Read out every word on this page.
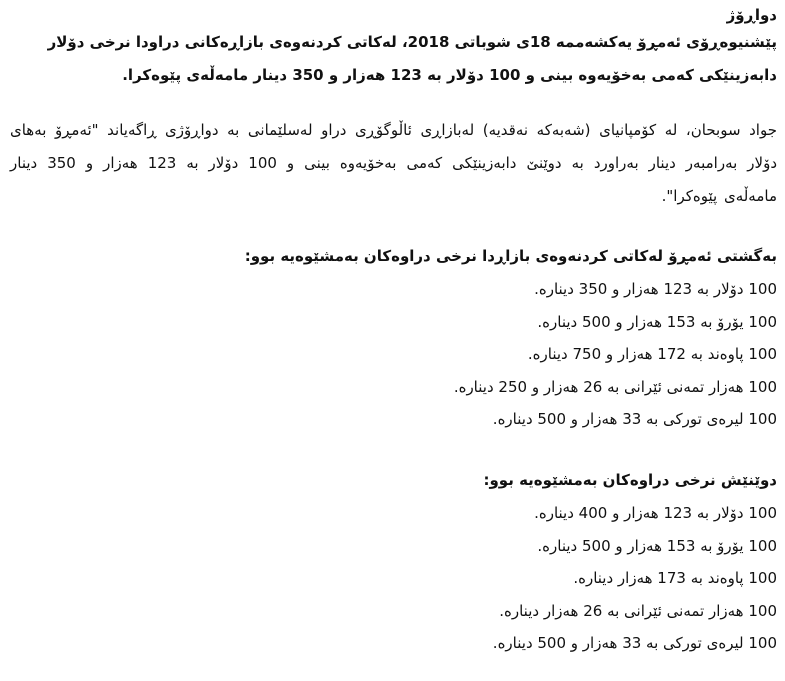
دواڕۆژ

پێشنیوەڕۆی ئەمڕۆ یەکشەممە 18ی شوباتی 2018، لەکاتی کردنەوەی بازاڕەکانی دراودا نرخی دۆلار دابەزینێکی کەمی بەخۆیەوە بینی و 100 دۆلار بە 123 هەزار و 350 دینار مامەڵەی پێوەکرا.

جواد سوبحان، لە کۆمپانیای (شەبەکە نەقدیە) لەبازاڕی ئاڵوگۆڕی دراو لەسلێمانی بە دواڕۆژی ڕاگەیاند "ئەمڕۆ بەهای دۆلار بەرامبەر دینار بەراورد بە دوێنێ دابەزینێکی کەمی بەخۆیەوە بینی و 100 دۆلار بە 123 هەزار و 350 دینار مامەڵەی پێوەکرا".

بەگشتی ئەمڕۆ لەکاتی کردنەوەی بازاڕدا نرخی دراوەکان بەمشێوەیە بوو:

100 دۆلار بە 123 هەزار و 350 دینارە.
100 یۆرۆ بە 153 هەزار و 500 دینارە.
100 پاوەند بە 172 هەزار و 750 دینارە.
100 هەزار تمەنی ئێرانی بە 26 هەزار و 250 دینارە.
100 لیرەی تورکی بە 33 هەزار و 500 دینارە.

دوێنێش نرخی دراوەکان بەمشێوەیە بوو:

100 دۆلار بە 123 هەزار و 400 دینارە.
100 یۆرۆ بە 153 هەزار و 500 دینارە.
100 پاوەند بە 173 هەزار دینارە.
100 هەزار تمەنی ئێرانی بە 26 هەزار دینارە.
100 لیرەی تورکی بە 33 هەزار و 500 دینارە.
